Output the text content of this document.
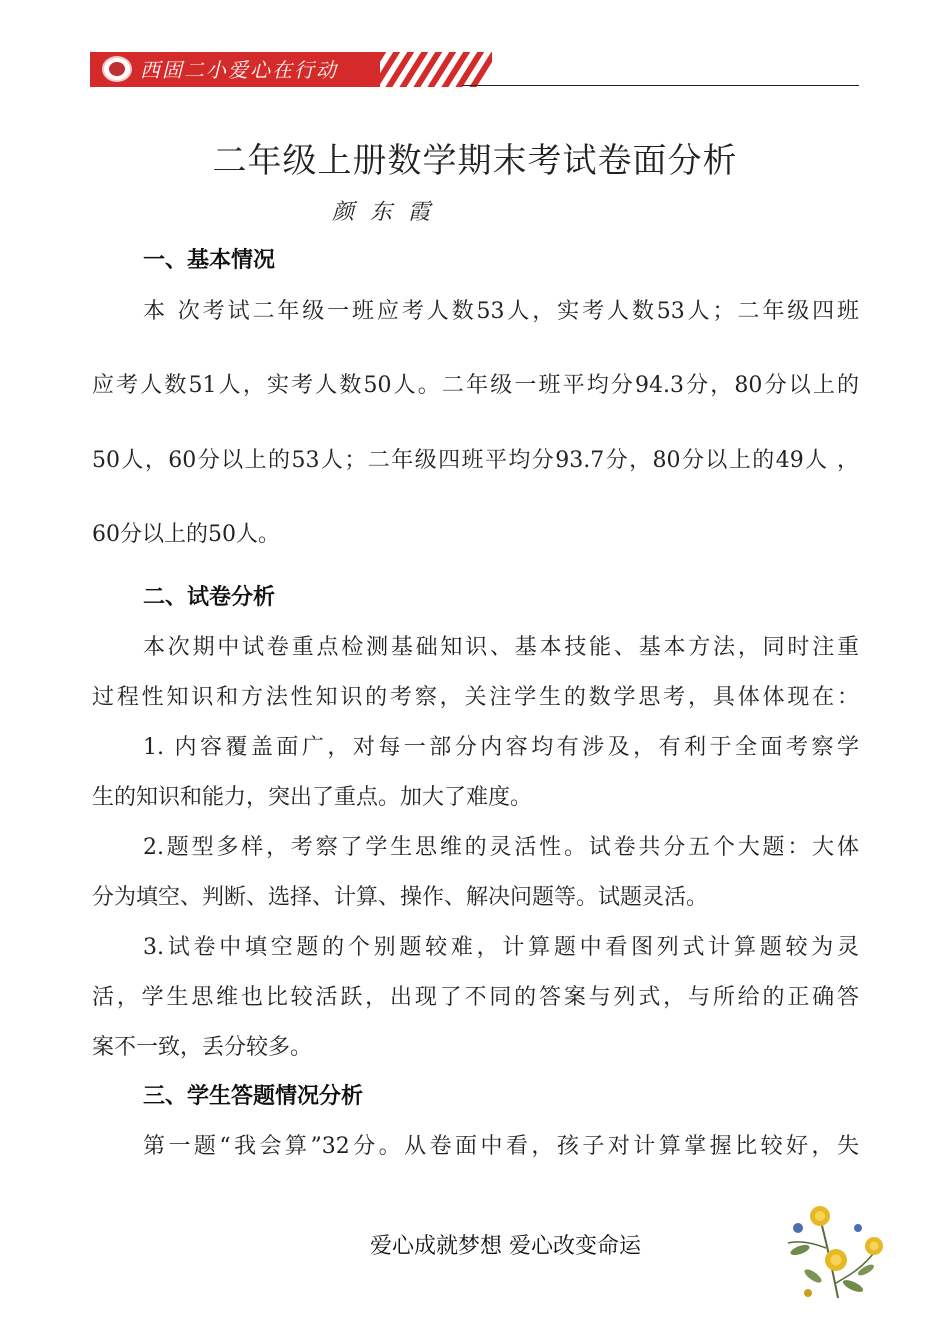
西固二小爱心在行动
二年级上册数学期末考试卷面分析
颜东霞
一、基本情况
本 次考试二年级一班应考人数53人，实考人数53人；二年级四班
应考人数51人，实考人数50人。二年级一班平均分94.3分，80分以上的
50人，60分以上的53人；二年级四班平均分93.7分，80分以上的49人 ，
60分以上的50人。
二、试卷分析
本次期中试卷重点检测基础知识、基本技能、基本方法，同时注重
过程性知识和方法性知识的考察，关注学生的数学思考，具体体现在：
1. 内容覆盖面广，对每一部分内容均有涉及，有利于全面考察学
生的知识和能力，突出了重点。加大了难度。
2.题型多样，考察了学生思维的灵活性。试卷共分五个大题：大体
分为填空、判断、选择、计算、操作、解决问题等。试题灵活。
3.试卷中填空题的个别题较难，计算题中看图列式计算题较为灵
活，学生思维也比较活跃，出现了不同的答案与列式，与所给的正确答
案不一致，丢分较多。
三、学生答题情况分析
第一题“我会算”32分。从卷面中看，孩子对计算掌握比较好，失
爱心成就梦想 爱心改变命运
